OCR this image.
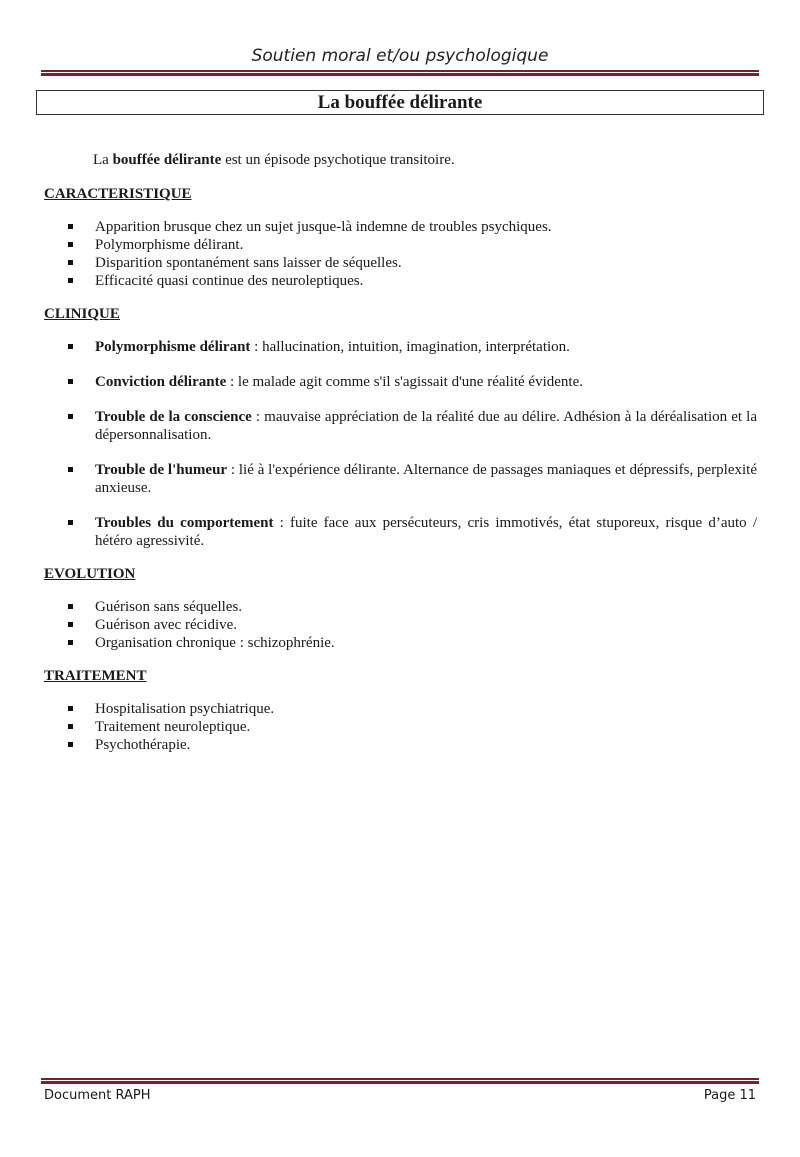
Soutien moral et/ou psychologique
La bouffée délirante

La bouffée délirante est un épisode psychotique transitoire.

CARACTERISTIQUE
Apparition brusque chez un sujet jusque-là indemne de troubles psychiques.
Polymorphisme délirant.
Disparition spontanément sans laisser de séquelles.
Efficacité quasi continue des neuroleptiques.
CLINIQUE
Polymorphisme délirant : hallucination, intuition, imagination, interprétation.
Conviction délirante : le malade agit comme s'il s'agissait d'une réalité évidente.
Trouble de la conscience : mauvaise appréciation de la réalité due au délire. Adhésion à la déréalisation et la dépersonnalisation.
Trouble de l'humeur : lié à l'expérience délirante. Alternance de passages maniaques et dépressifs, perplexité anxieuse.
Troubles du comportement : fuite face aux persécuteurs, cris immotivés, état stuporeux, risque d’auto / hétéro agressivité.
EVOLUTION
Guérison sans séquelles.
Guérison avec récidive.
Organisation chronique : schizophrénie.
TRAITEMENT
Hospitalisation psychiatrique.
Traitement neuroleptique.
Psychothérapie.
Document RAPH	Page 11
